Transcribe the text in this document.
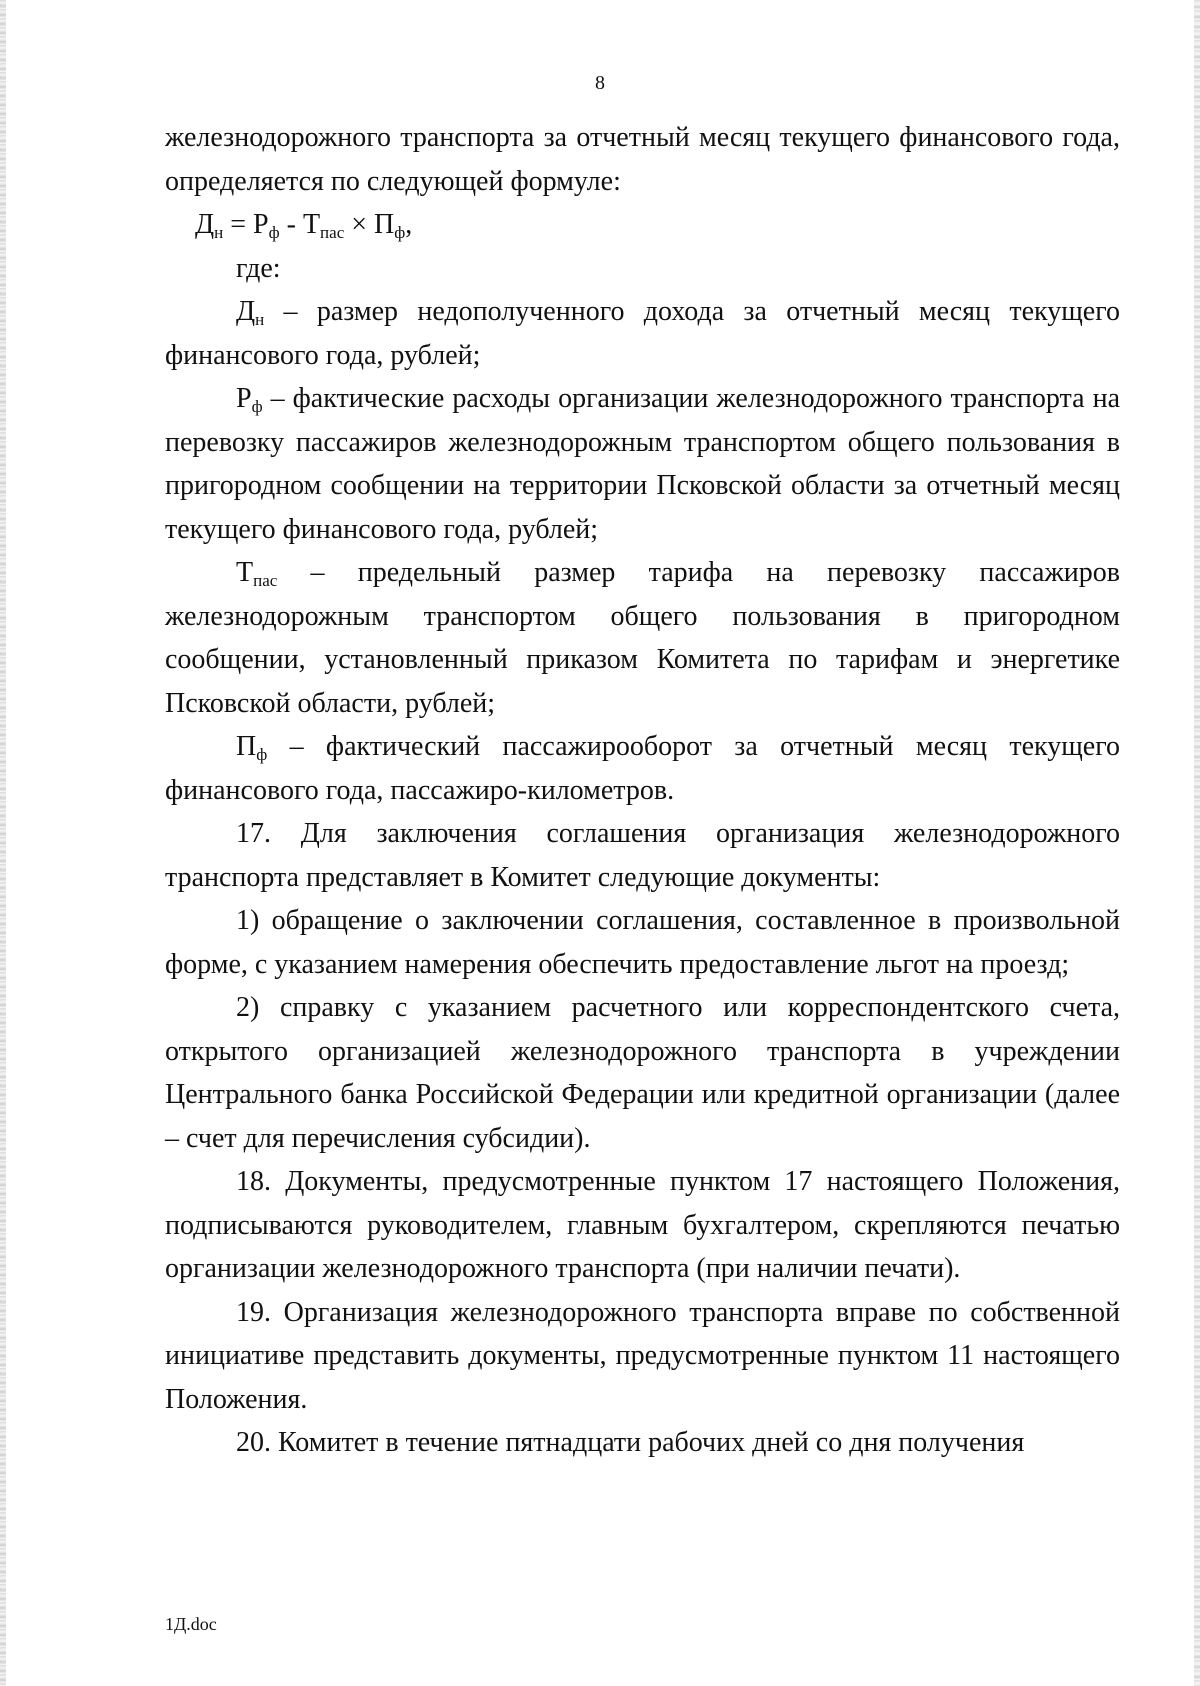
8

железнодорожного транспорта за отчетный месяц текущего финансового года, определяется по следующей формуле:

$Д_н = Р_ф - Т_{пас} \times П_ф$,

где:

$Д_н$ – размер недополученного дохода за отчетный месяц текущего финансового года, рублей;

$Р_ф$ – фактические расходы организации железнодорожного транспорта на перевозку пассажиров железнодорожным транспортом общего пользования в пригородном сообщении на территории Псковской области за отчетный месяц текущего финансового года, рублей;

$Т_{пас}$ – предельный размер тарифа на перевозку пассажиров железнодорожным транспортом общего пользования в пригородном сообщении, установленный приказом Комитета по тарифам и энергетике Псковской области, рублей;

$П_ф$ – фактический пассажирооборот за отчетный месяц текущего финансового года, пассажиро-километров.

17. Для заключения соглашения организация железнодорожного транспорта представляет в Комитет следующие документы:

1) обращение о заключении соглашения, составленное в произвольной форме, с указанием намерения обеспечить предоставление льгот на проезд;

2) справку с указанием расчетного или корреспондентского счета, открытого организацией железнодорожного транспорта в учреждении Центрального банка Российской Федерации или кредитной организации (далее – счет для перечисления субсидии).

18. Документы, предусмотренные пунктом 17 настоящего Положения, подписываются руководителем, главным бухгалтером, скрепляются печатью организации железнодорожного транспорта (при наличии печати).

19. Организация железнодорожного транспорта вправе по собственной инициативе представить документы, предусмотренные пунктом 11 настоящего Положения.

20. Комитет в течение пятнадцати рабочих дней со дня получения

1Д.doc
